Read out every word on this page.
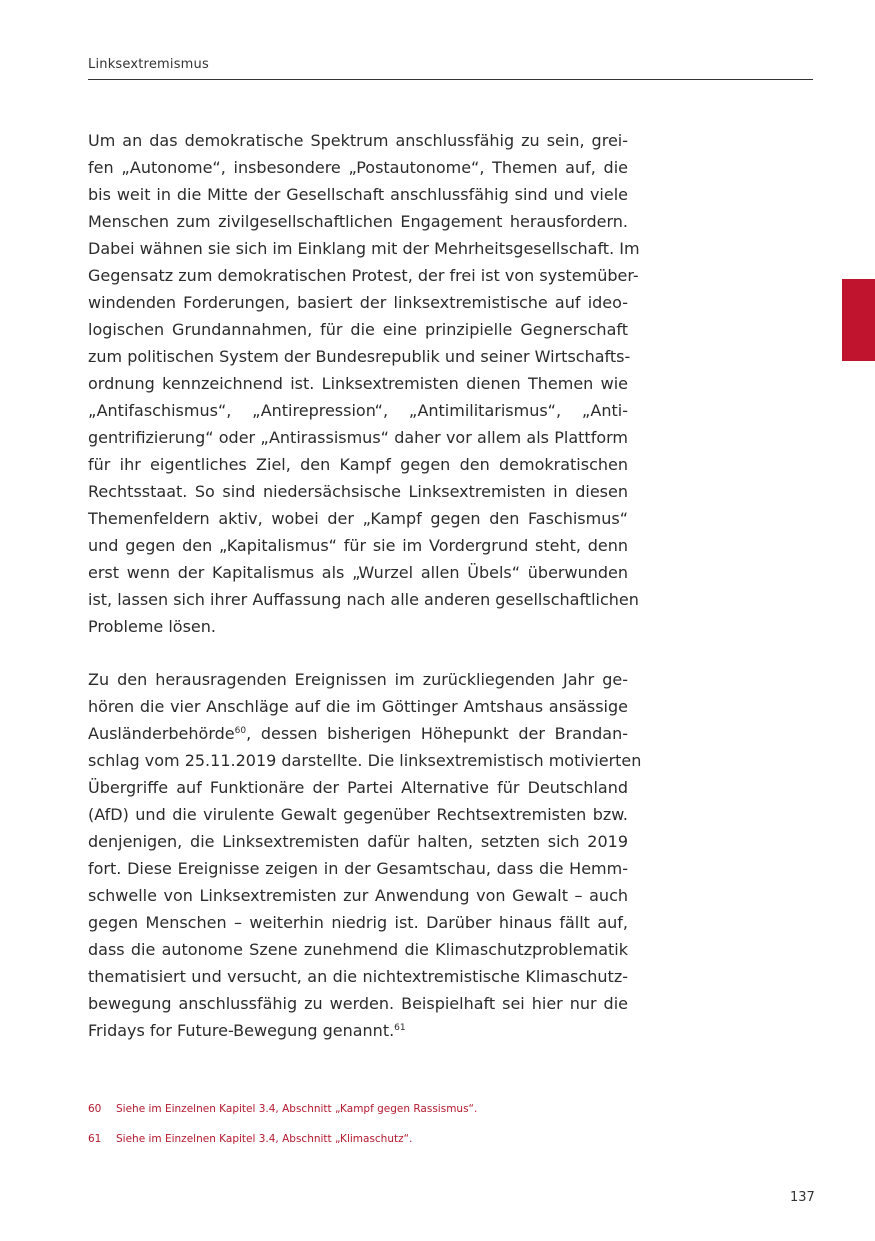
Linksextremismus
Um an das demokratische Spektrum anschlussfähig zu sein, grei-
fen „Autonome“, insbesondere „Postautonome“, Themen auf, die
bis weit in die Mitte der Gesellschaft anschlussfähig sind und viele
Menschen zum zivilgesellschaftlichen Engagement herausfordern.
Dabei wähnen sie sich im Einklang mit der Mehrheitsgesellschaft. Im
Gegensatz zum demokratischen Protest, der frei ist von systemüber-
windenden Forderungen, basiert der linksextremistische auf ideo-
logischen Grundannahmen, für die eine prinzipielle Gegnerschaft
zum politischen System der Bundesrepublik und seiner Wirtschafts-
ordnung kennzeichnend ist. Linksextremisten dienen Themen wie
„Antifaschismus“, „Antirepression“, „Antimilitarismus“, „Anti-
gentrifizierung“ oder „Antirassismus“ daher vor allem als Plattform
für ihr eigentliches Ziel, den Kampf gegen den demokratischen
Rechtsstaat. So sind niedersächsische Linksextremisten in diesen
Themenfeldern aktiv, wobei der „Kampf gegen den Faschismus“
und gegen den „Kapitalismus“ für sie im Vordergrund steht, denn
erst wenn der Kapitalismus als „Wurzel allen Übels“ überwunden
ist, lassen sich ihrer Auffassung nach alle anderen gesellschaftlichen
Probleme lösen.
Zu den herausragenden Ereignissen im zurückliegenden Jahr ge-
hören die vier Anschläge auf die im Göttinger Amtshaus ansässige
Ausländerbehörde$^{60}$, dessen bisherigen Höhepunkt der Brandan-
schlag vom 25.11.2019 darstellte. Die linksextremistisch motivierten
Übergriffe auf Funktionäre der Partei Alternative für Deutschland
(AfD) und die virulente Gewalt gegenüber Rechtsextremisten bzw.
denjenigen, die Linksextremisten dafür halten, setzten sich 2019
fort. Diese Ereignisse zeigen in der Gesamtschau, dass die Hemm-
schwelle von Linksextremisten zur Anwendung von Gewalt – auch
gegen Menschen – weiterhin niedrig ist. Darüber hinaus fällt auf,
dass die autonome Szene zunehmend die Klimaschutzproblematik
thematisiert und versucht, an die nichtextremistische Klimaschutz-
bewegung anschlussfähig zu werden. Beispielhaft sei hier nur die
Fridays for Future-Bewegung genannt.$^{61}$
60	Siehe im Einzelnen Kapitel 3.4, Abschnitt „Kampf gegen Rassismus“.
61	Siehe im Einzelnen Kapitel 3.4, Abschnitt „Klimaschutz“.
137
